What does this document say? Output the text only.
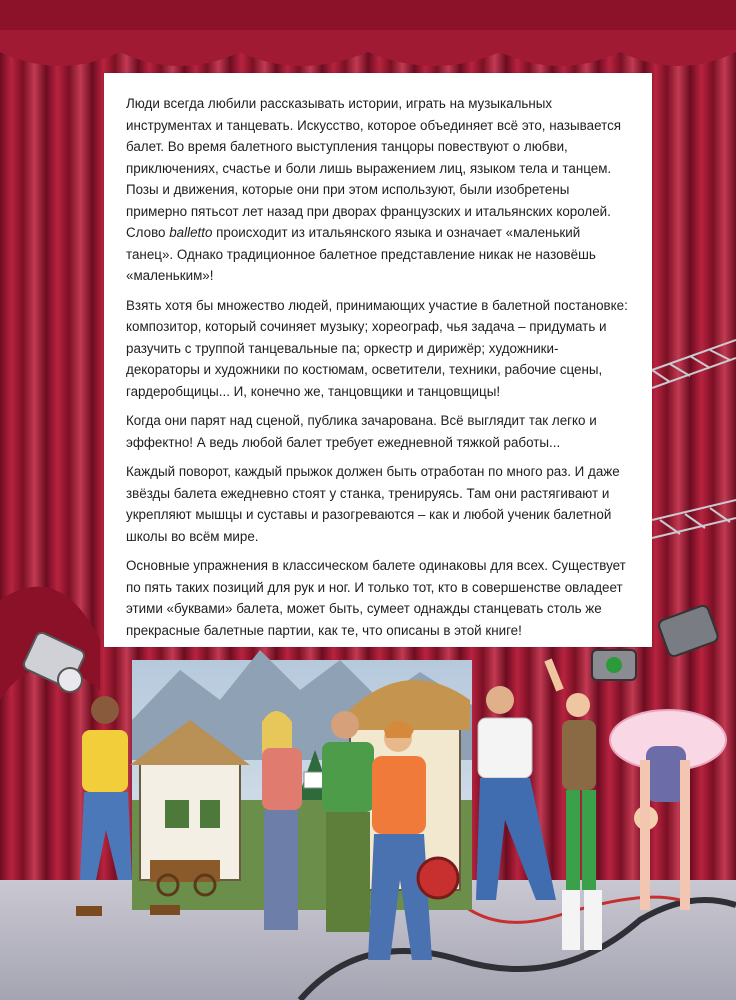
Люди всегда любили рассказывать истории, играть на музыкальных инструментах и танцевать. Искусство, которое объединяет всё это, называется балет. Во время балетного выступления танцоры повествуют о любви, приключениях, счастье и боли лишь выражением лиц, языком тела и танцем. Позы и движения, которые они при этом используют, были изобретены примерно пятьсот лет назад при дворах французских и итальянских королей. Слово balletto происходит из итальянского языка и означает «маленький танец». Однако традиционное балетное представление никак не назовёшь «маленьким»!

Взять хотя бы множество людей, принимающих участие в балетной постановке: композитор, который сочиняет музыку; хореограф, чья задача – придумать и разучить с труппой танцевальные па; оркестр и дирижёр; художники-декораторы и художники по костюмам, осветители, техники, рабочие сцены, гардеробщицы... И, конечно же, танцовщики и танцовщицы!

Когда они парят над сценой, публика зачарована. Всё выглядит так легко и эффектно! А ведь любой балет требует ежедневной тяжкой работы...

Каждый поворот, каждый прыжок должен быть отработан по много раз. И даже звёзды балета ежедневно стоят у станка, тренируясь. Там они растягивают и укрепляют мышцы и суставы и разогреваются – как и любой ученик балетной школы во всём мире.

Основные упражнения в классическом балете одинаковы для всех. Существует по пять таких позиций для рук и ног. И только тот, кто в совершенстве овладеет этими «буквами» балета, может быть, сумеет однажды станцевать столь же прекрасные балетные партии, как те, что описаны в этой книге!
